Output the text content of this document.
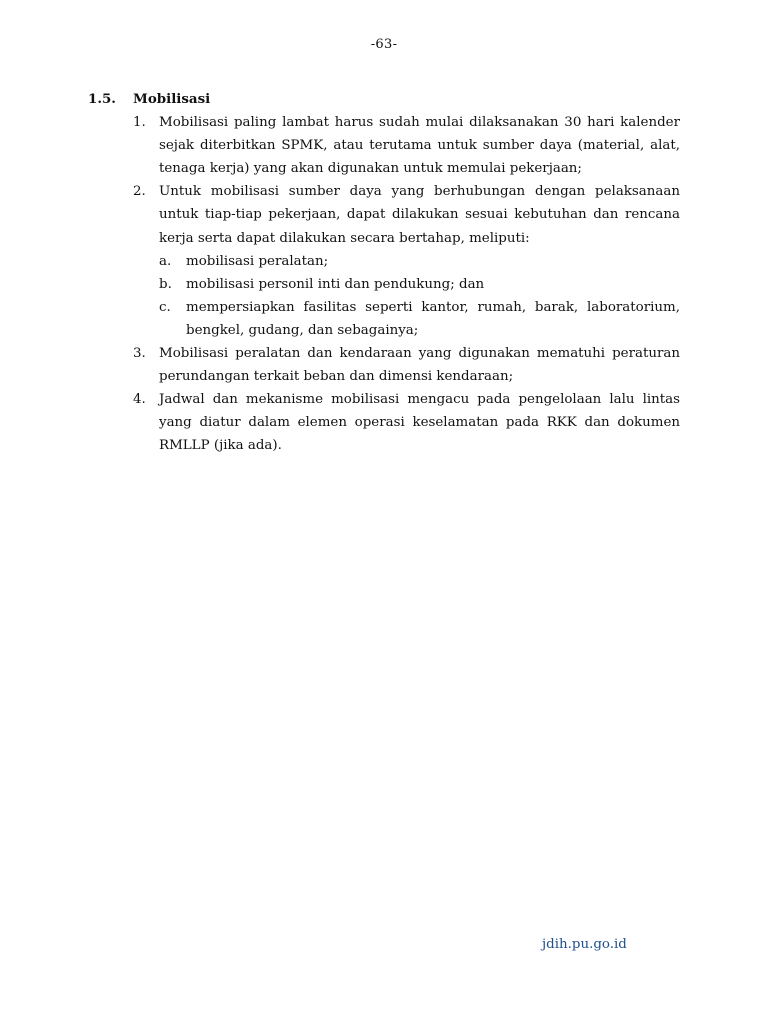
-63-
1.5. Mobilisasi
1. Mobilisasi paling lambat harus sudah mulai dilaksanakan 30 hari kalender sejak diterbitkan SPMK, atau terutama untuk sumber daya (material, alat, tenaga kerja) yang akan digunakan untuk memulai pekerjaan;
2. Untuk mobilisasi sumber daya yang berhubungan dengan pelaksanaan untuk tiap-tiap pekerjaan, dapat dilakukan sesuai kebutuhan dan rencana kerja serta dapat dilakukan secara bertahap, meliputi:
a. mobilisasi peralatan;
b. mobilisasi personil inti dan pendukung; dan
c. mempersiapkan fasilitas seperti kantor, rumah, barak, laboratorium, bengkel, gudang, dan sebagainya;
3. Mobilisasi peralatan dan kendaraan yang digunakan mematuhi peraturan perundangan terkait beban dan dimensi kendaraan;
4. Jadwal dan mekanisme mobilisasi mengacu pada pengelolaan lalu lintas yang diatur dalam elemen operasi keselamatan pada RKK dan dokumen RMLLP (jika ada).
jdih.pu.go.id
